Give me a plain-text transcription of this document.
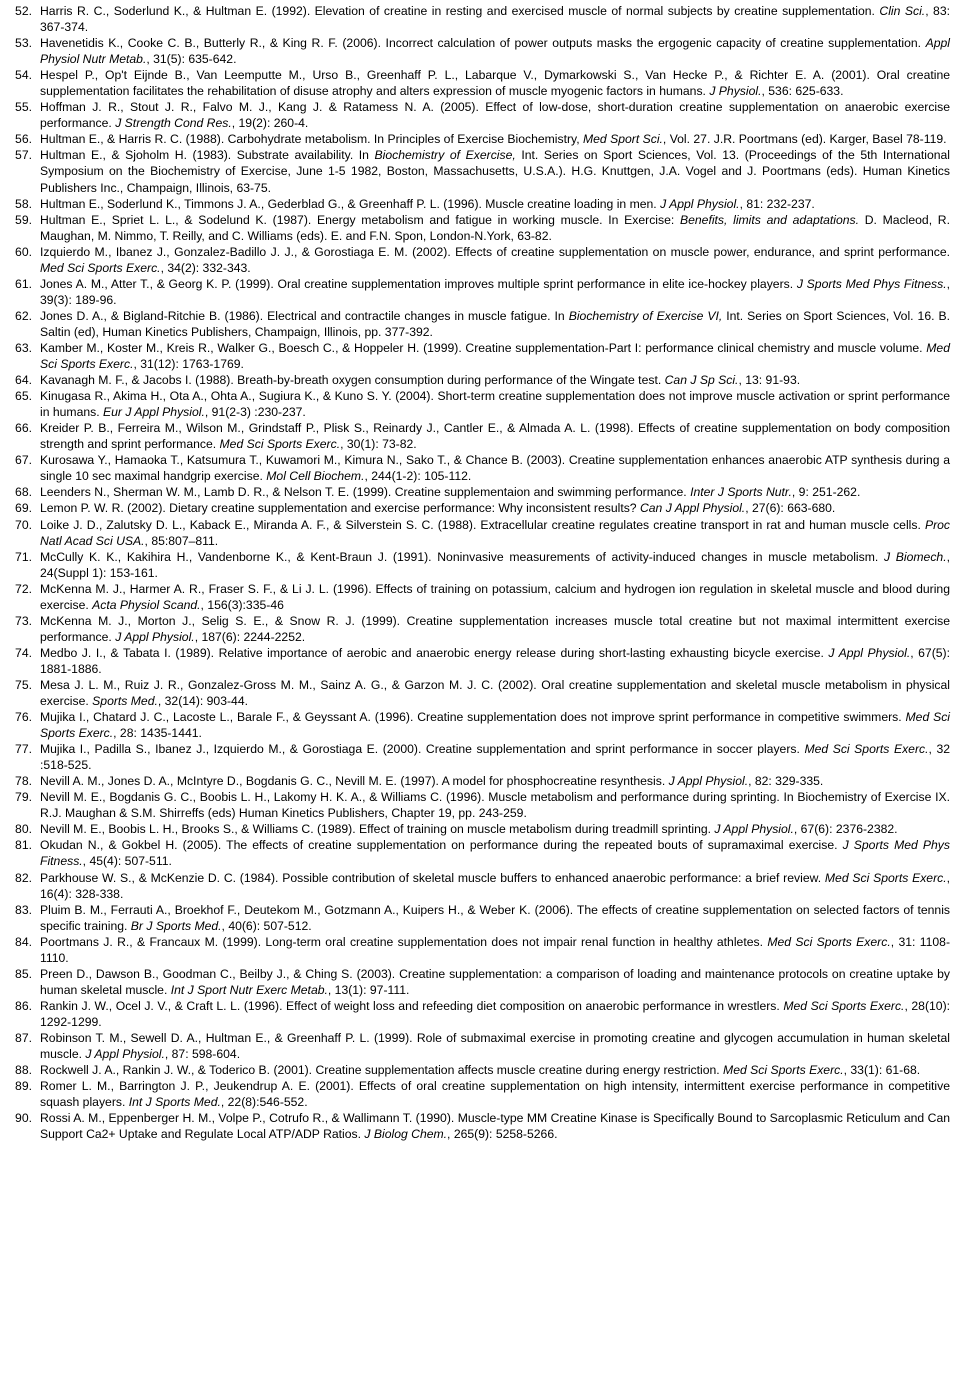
52. Harris R. C., Soderlund K., & Hultman E. (1992). Elevation of creatine in resting and exercised muscle of normal subjects by creatine supplementation. Clin Sci., 83: 367-374.
53. Havenetidis K., Cooke C. B., Butterly R., & King R. F. (2006). Incorrect calculation of power outputs masks the ergogenic capacity of creatine supplementation. Appl Physiol Nutr Metab., 31(5): 635-642.
54. Hespel P., Op't Eijnde B., Van Leemputte M., Urso B., Greenhaff P. L., Labarque V., Dymarkowski S., Van Hecke P., & Richter E. A. (2001). Oral creatine supplementation facilitates the rehabilitation of disuse atrophy and alters expression of muscle myogenic factors in humans. J Physiol., 536: 625-633.
55. Hoffman J. R., Stout J. R., Falvo M. J., Kang J. & Ratamess N. A. (2005). Effect of low-dose, short-duration creatine supplementation on anaerobic exercise performance. J Strength Cond Res., 19(2): 260-4.
56. Hultman E., & Harris R. C. (1988). Carbohydrate metabolism. In Principles of Exercise Biochemistry, Med Sport Sci., Vol. 27. J.R. Poortmans (ed). Karger, Basel 78-119.
57. Hultman E., & Sjoholm H. (1983). Substrate availability. In Biochemistry of Exercise, Int. Series on Sport Sciences, Vol. 13. (Proceedings of the 5th International Symposium on the Biochemistry of Exercise, June 1-5 1982, Boston, Massachusetts, U.S.A.). H.G. Knuttgen, J.A. Vogel and J. Poortmans (eds). Human Kinetics Publishers Inc., Champaign, Illinois, 63-75.
58. Hultman E., Soderlund K., Timmons J. A., Gederblad G., & Greenhaff P. L. (1996). Muscle creatine loading in men. J Appl Physiol., 81: 232-237.
59. Hultman E., Spriet L. L., & Sodelund K. (1987). Energy metabolism and fatigue in working muscle. In Exercise: Benefits, limits and adaptations. D. Macleod, R. Maughan, M. Nimmo, T. Reilly, and C. Williams (eds). E. and F.N. Spon, London-N.York, 63-82.
60. Izquierdo M., Ibanez J., Gonzalez-Badillo J. J., & Gorostiaga E. M. (2002). Effects of creatine supplementation on muscle power, endurance, and sprint performance. Med Sci Sports Exerc., 34(2): 332-343.
61. Jones A. M., Atter T., & Georg K. P. (1999). Oral creatine supplementation improves multiple sprint performance in elite ice-hockey players. J Sports Med Phys Fitness., 39(3): 189-96.
62. Jones D. A., & Bigland-Ritchie B. (1986). Electrical and contractile changes in muscle fatigue. In Biochemistry of Exercise VI, Int. Series on Sport Sciences, Vol. 16. B. Saltin (ed), Human Kinetics Publishers, Champaign, Illinois, pp. 377-392.
63. Kamber M., Koster M., Kreis R., Walker G., Boesch C., & Hoppeler H. (1999). Creatine supplementation-Part I: performance clinical chemistry and muscle volume. Med Sci Sports Exerc., 31(12): 1763-1769.
64. Kavanagh M. F., & Jacobs I. (1988). Breath-by-breath oxygen consumption during performance of the Wingate test. Can J Sp Sci., 13: 91-93.
65. Kinugasa R., Akima H., Ota A., Ohta A., Sugiura K., & Kuno S. Y. (2004). Short-term creatine supplementation does not improve muscle activation or sprint performance in humans. Eur J Appl Physiol., 91(2-3) :230-237.
66. Kreider P. B., Ferreira M., Wilson M., Grindstaff P., Plisk S., Reinardy J., Cantler E., & Almada A. L. (1998). Effects of creatine supplementation on body composition strength and sprint performance. Med Sci Sports Exerc., 30(1): 73-82.
67. Kurosawa Y., Hamaoka T., Katsumura T., Kuwamori M., Kimura N., Sako T., & Chance B. (2003). Creatine supplementation enhances anaerobic ATP synthesis during a single 10 sec maximal handgrip exercise. Mol Cell Biochem., 244(1-2): 105-112.
68. Leenders N., Sherman W. M., Lamb D. R., & Nelson T. E. (1999). Creatine supplementaion and swimming performance. Inter J Sports Nutr., 9: 251-262.
69. Lemon P. W. R. (2002). Dietary creatine supplementation and exercise performance: Why inconsistent results? Can J Appl Physiol., 27(6): 663-680.
70. Loike J. D., Zalutsky D. L., Kaback E., Miranda A. F., & Silverstein S. C. (1988). Extracellular creatine regulates creatine transport in rat and human muscle cells. Proc Natl Acad Sci USA., 85:807–811.
71. McCully K. K., Kakihira H., Vandenborne K., & Kent-Braun J. (1991). Noninvasive measurements of activity-induced changes in muscle metabolism. J Biomech., 24(Suppl 1): 153-161.
72. McKenna M. J., Harmer A. R., Fraser S. F., & Li J. L. (1996). Effects of training on potassium, calcium and hydrogen ion regulation in skeletal muscle and blood during exercise. Acta Physiol Scand., 156(3):335-46
73. McKenna M. J., Morton J., Selig S. E., & Snow R. J. (1999). Creatine supplementation increases muscle total creatine but not maximal intermittent exercise performance. J Appl Physiol., 187(6): 2244-2252.
74. Medbo J. I., & Tabata I. (1989). Relative importance of aerobic and anaerobic energy release during short-lasting exhausting bicycle exercise. J Appl Physiol., 67(5): 1881-1886.
75. Mesa J. L. M., Ruiz J. R., Gonzalez-Gross M. M., Sainz A. G., & Garzon M. J. C. (2002). Oral creatine supplementation and skeletal muscle metabolism in physical exercise. Sports Med., 32(14): 903-44.
76. Mujika I., Chatard J. C., Lacoste L., Barale F., & Geyssant A. (1996). Creatine supplementation does not improve sprint performance in competitive swimmers. Med Sci Sports Exerc., 28: 1435-1441.
77. Mujika I., Padilla S., Ibanez J., Izquierdo M., & Gorostiaga E. (2000). Creatine supplementation and sprint performance in soccer players. Med Sci Sports Exerc., 32 :518-525.
78. Nevill A. M., Jones D. A., McIntyre D., Bogdanis G. C., Nevill M. E. (1997). A model for phosphocreatine resynthesis. J Appl Physiol., 82: 329-335.
79. Nevill M. E., Bogdanis G. C., Boobis L. H., Lakomy H. K. A., & Williams C. (1996). Muscle metabolism and performance during sprinting. In Biochemistry of Exercise IX. R.J. Maughan & S.M. Shirreffs (eds) Human Kinetics Publishers, Chapter 19, pp. 243-259.
80. Nevill M. E., Boobis L. H., Brooks S., & Williams C. (1989). Effect of training on muscle metabolism during treadmill sprinting. J Appl Physiol., 67(6): 2376-2382.
81. Okudan N., & Gokbel H. (2005). The effects of creatine supplementation on performance during the repeated bouts of supramaximal exercise. J Sports Med Phys Fitness., 45(4): 507-511.
82. Parkhouse W. S., & McKenzie D. C. (1984). Possible contribution of skeletal muscle buffers to enhanced anaerobic performance: a brief review. Med Sci Sports Exerc., 16(4): 328-338.
83. Pluim B. M., Ferrauti A., Broekhof F., Deutekom M., Gotzmann A., Kuipers H., & Weber K. (2006). The effects of creatine supplementation on selected factors of tennis specific training. Br J Sports Med., 40(6): 507-512.
84. Poortmans J. R., & Francaux M. (1999). Long-term oral creatine supplementation does not impair renal function in healthy athletes. Med Sci Sports Exerc., 31: 1108-1110.
85. Preen D., Dawson B., Goodman C., Beilby J., & Ching S. (2003). Creatine supplementation: a comparison of loading and maintenance protocols on creatine uptake by human skeletal muscle. Int J Sport Nutr Exerc Metab., 13(1): 97-111.
86. Rankin J. W., Ocel J. V., & Craft L. L. (1996). Effect of weight loss and refeeding diet composition on anaerobic performance in wrestlers. Med Sci Sports Exerc., 28(10): 1292-1299.
87. Robinson T. M., Sewell D. A., Hultman E., & Greenhaff P. L. (1999). Role of submaximal exercise in promoting creatine and glycogen accumulation in human skeletal muscle. J Appl Physiol., 87: 598-604.
88. Rockwell J. A., Rankin J. W., & Toderico B. (2001). Creatine supplementation affects muscle creatine during energy restriction. Med Sci Sports Exerc., 33(1): 61-68.
89. Romer L. M., Barrington J. P., Jeukendrup A. E. (2001). Effects of oral creatine supplementation on high intensity, intermittent exercise performance in competitive squash players. Int J Sports Med., 22(8):546-552.
90. Rossi A. M., Eppenberger H. M., Volpe P., Cotrufo R., & Wallimann T. (1990). Muscle-type MM Creatine Kinase is Specifically Bound to Sarcoplasmic Reticulum and Can Support Ca2+ Uptake and Regulate Local ATP/ADP Ratios. J Biolog Chem., 265(9): 5258-5266.
